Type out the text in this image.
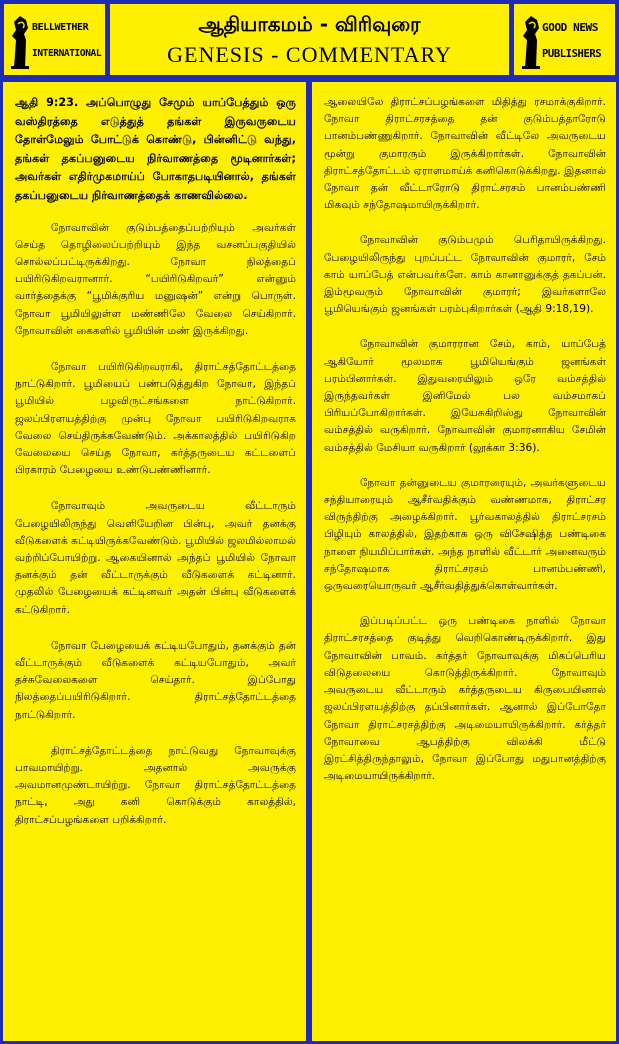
BELLWETHER
INTERNATIONAL
ஆதியாகமம் - விரிவுரை
GENESIS - COMMENTARY
GOOD NEWS
PUBLISHERS

ஆதி 9:23. அப்பொழுது சேமும் யாப்பேத்தும் ஒரு வஸ்திரத்தை எடுத்துத் தங்கள் இருவருடைய தோள்மேலும் போட்டுக் கொண்டு, பின்னிட்டு வந்து, தங்கள் தகப்பனுடைய நிர்வாணத்தை மூடினார்கள்; அவர்கள் எதிர்முகமாய்ப் போகாதபடியினால், தங்கள் தகப்பனுடைய நிர்வாணத்தைக் காணவில்லை.

நோவாவின் குடும்பத்தைப்பற்றியும் அவர்கள் செய்த தொழிலைப்பற்றியும் இந்த வசனப்பகுதியில் சொல்லப்பட்டிருக்கிறது. நோவா நிலத்தைப் பயிரிடுகிறவரானார். “பயிரிடுகிறவர்” என்னும் வார்த்தைக்கு “பூமிக்குரிய மனுஷன்” என்று பொருள். நோவா பூமியிலுள்ள மண்ணிலே வேலை செய்கிறார். நோவாவின் கைகளில் பூமியின் மண் இருக்கிறது.

நோவா பயிரிடுகிறவராகி, திராட்சத்தோட்டத்தை நாட்டுகிறார். பூமியைப் பண்படுத்துகிற நோவா, இந்தப் பூமியில் பழவிருட்சங்களை நாட்டுகிறார். ஜலப்பிரளயத்திற்கு முன்பு நோவா பயிரிடுகிறவராக வேலை செய்திருக்கவேண்டும். அக்காலத்தில் பயிரிடுகிற வேலையை செய்த நோவா, கர்த்தருடைய கட்டளைப் பிரகாரம் பேழையை உண்டுபண்ணினார்.

நோவாவும் அவருடைய வீட்டாரும் பேழையிலிருந்து வெளியேறின பின்பு, அவர் தனக்கு வீடுகளைக் கட்டியிருக்கவேண்டும். பூமியில் ஜலமில்லாமல் வற்றிப்போயிற்று. ஆகையினால் அந்தப் பூமியில் நோவா தனக்கும் தன் வீட்டாருக்கும் வீடுகளைக் கட்டினார். முதலில் பேழையைக் கட்டினவர் அதன் பின்பு வீடுகளைக் கட்டுகிறார்.

நோவா பேழையைக் கட்டியபோதும், தனக்கும் தன் வீட்டாருக்கும் வீடுகளைக் கட்டியபோதும், அவர் தச்சுவேலைகளை செய்தார். இப்போது நிலத்தைப்பயிரிடுகிறார். திராட்சத்தோட்டத்தை நாட்டுகிறார்.

திராட்சத்தோட்டத்தை நாட்டுவது நோவாவுக்கு பாவமாயிற்று. அதனால் அவருக்கு அவமானமுண்டாயிற்று. நோவா திராட்சத்தோட்டத்தை நாட்டி, அது கனி கொடுக்கும் காலத்தில், திராட்சப்பழங்களை பறிக்கிறார்.

ஆலையிலே திராட்சப்பழங்களை மிதித்து ரசமாக்குகிறார். நோவா திராட்சரசத்தை தன் குடும்பத்தாரோடு பானம்பண்ணுகிறார். நோவாவின் வீட்டிலே அவருடைய மூன்று குமாரரும் இருக்கிறார்கள். நோவாவின் திராட்சத்தோட்டம் ஏராளமாய்க் கனிகொடுக்கிறது. இதனால் நோவா தன் வீட்டாரோடு திராட்சரசம் பானம்பண்ணி மிகவும் சந்தோஷமாயிருக்கிறார்.

நோவாவின் குடும்பமும் பெரிதாயிருக்கிறது. பேழையிலிருந்து புறப்பட்ட நோவாவின் குமாரர், சேம் காம் யாப்பேத் என்பவர்களே. காம் கானானுக்குத் தகப்பன். இம்மூவரும் நோவாவின் குமாரர்; இவர்களாலே பூமியெங்கும் ஜனங்கள் பரம்புகிறார்கள் (ஆதி 9:18,19).

நோவாவின் குமாரரான சேம், காம், யாப்பேத் ஆகியோர் மூலமாக பூமியெங்கும் ஜனங்கள் பரம்பினார்கள். இதுவரையிலும் ஒரே வம்சத்தில் இருந்தவர்கள் இனிமேல் பல வம்சமாகப் பிரியப்போகிறார்கள். இயேசுகிறிஸ்து நோவாவின் வம்சத்தில் வருகிறார். நோவாவின் குமாரனாகிய சேமின் வம்சத்தில் மேசியா வருகிறார் (லூக்கா 3:36).

நோவா தன்னுடைய குமாரரையும், அவர்களுடைய சந்தியாரையும் ஆசீர்வதிக்கும் வண்ணமாக, திராட்சர விருந்திற்கு அழைக்கிறார். பூர்வகாலத்தில் திராட்சரசம் பிழியும் காலத்தில், இதற்காக ஒரு விசேஷித்த பண்டிகை நாளை நியமிப்பார்கள். அந்த நாளில் வீட்டார் அனைவரும் சந்தோஷமாக திராட்சரசம் பானம்பண்ணி, ஒருவரையொருவர் ஆசீர்வதித்துக்கொள்வார்கள்.

இப்படிப்பட்ட ஒரு பண்டிகை நாளில் நோவா திராட்சரசத்தை குடித்து வெறிகொண்டிருக்கிறார். இது நோவாவின் பாவம். கர்த்தர் நோவாவுக்கு மிகப்பெரிய விடுதலையை கொடுத்திருக்கிறார். நோவாவும் அவருடைய வீட்டாரும் கர்த்தருடைய கிருபையினால் ஜலப்பிரளயத்திற்கு தப்பினார்கள். ஆனால் இப்போதோ நோவா திராட்சரசத்திற்கு அடிமையாயிருக்கிறார். கர்த்தர் நோவாவை ஆபத்திற்கு விலக்கி மீட்டு இரட்சித்திருந்தாலும், நோவா இப்போது மதுபானத்திற்கு அடிமையாயிருக்கிறார்.
